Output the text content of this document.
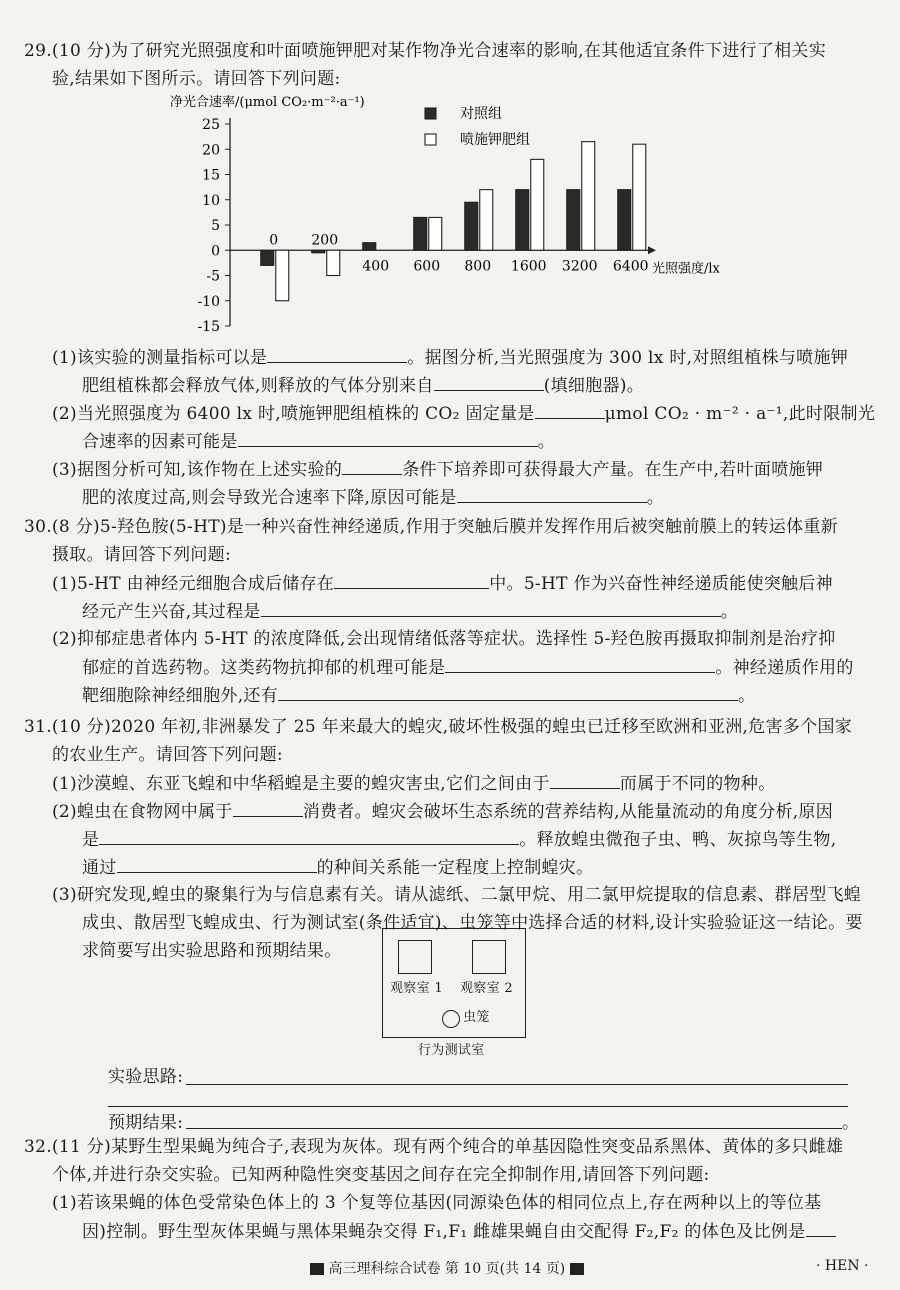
29.(10 分)为了研究光照强度和叶面喷施钾肥对某作物净光合速率的影响,在其他适宜条件下进行了相关实
验,结果如下图所示。请回答下列问题:
净光合速率/(μmol CO₂·m⁻²·a⁻¹)
25
20
15
10
5
0
-5
-10
-15
光照强度/lx
0 200
400 600 800 1600 3200 6400
对照组
喷施钾肥组
(1)该实验的测量指标可以是	。据图分析,当光照强度为 300 lx 时,对照组植株与喷施钾
肥组植株都会释放气体,则释放的气体分别来自	(填细胞器)。
(2)当光照强度为 6400 lx 时,喷施钾肥组植株的 CO₂ 固定量是	μmol CO₂ · m⁻² · a⁻¹,此时限制光
合速率的因素可能是	。
(3)据图分析可知,该作物在上述实验的	条件下培养即可获得最大产量。在生产中,若叶面喷施钾
肥的浓度过高,则会导致光合速率下降,原因可能是	。
30.(8 分)5-羟色胺(5-HT)是一种兴奋性神经递质,作用于突触后膜并发挥作用后被突触前膜上的转运体重新
摄取。请回答下列问题:
(1)5-HT 由神经元细胞合成后储存在	中。5-HT 作为兴奋性神经递质能使突触后神
经元产生兴奋,其过程是	。
(2)抑郁症患者体内 5-HT 的浓度降低,会出现情绪低落等症状。选择性 5-羟色胺再摄取抑制剂是治疗抑
郁症的首选药物。这类药物抗抑郁的机理可能是	。神经递质作用的
靶细胞除神经细胞外,还有	。
31.(10 分)2020 年初,非洲暴发了 25 年来最大的蝗灾,破坏性极强的蝗虫已迁移至欧洲和亚洲,危害多个国家
的农业生产。请回答下列问题:
(1)沙漠蝗、东亚飞蝗和中华稻蝗是主要的蝗灾害虫,它们之间由于	而属于不同的物种。
(2)蝗虫在食物网中属于	消费者。蝗灾会破坏生态系统的营养结构,从能量流动的角度分析,原因
是	。释放蝗虫微孢子虫、鸭、灰掠鸟等生物,
通过	的种间关系能一定程度上控制蝗灾。
(3)研究发现,蝗虫的聚集行为与信息素有关。请从滤纸、二氯甲烷、用二氯甲烷提取的信息素、群居型飞蝗
成虫、散居型飞蝗成虫、行为测试室(条件适宜)、虫笼等中选择合适的材料,设计实验验证这一结论。要
求简要写出实验思路和预期结果。
观察室 1 观察室 2
虫笼
行为测试室
实验思路:
预期结果:	。
32.(11 分)某野生型果蝇为纯合子,表现为灰体。现有两个纯合的单基因隐性突变品系黑体、黄体的多只雌雄
个体,并进行杂交实验。已知两种隐性突变基因之间存在完全抑制作用,请回答下列问题:
(1)若该果蝇的体色受常染色体上的 3 个复等位基因(同源染色体的相同位点上,存在两种以上的等位基
因)控制。野生型灰体果蝇与黑体果蝇杂交得 F₁,F₁ 雌雄果蝇自由交配得 F₂,F₂ 的体色及比例是
高三理科综合试卷 第 10 页(共 14 页)	· HEN ·
